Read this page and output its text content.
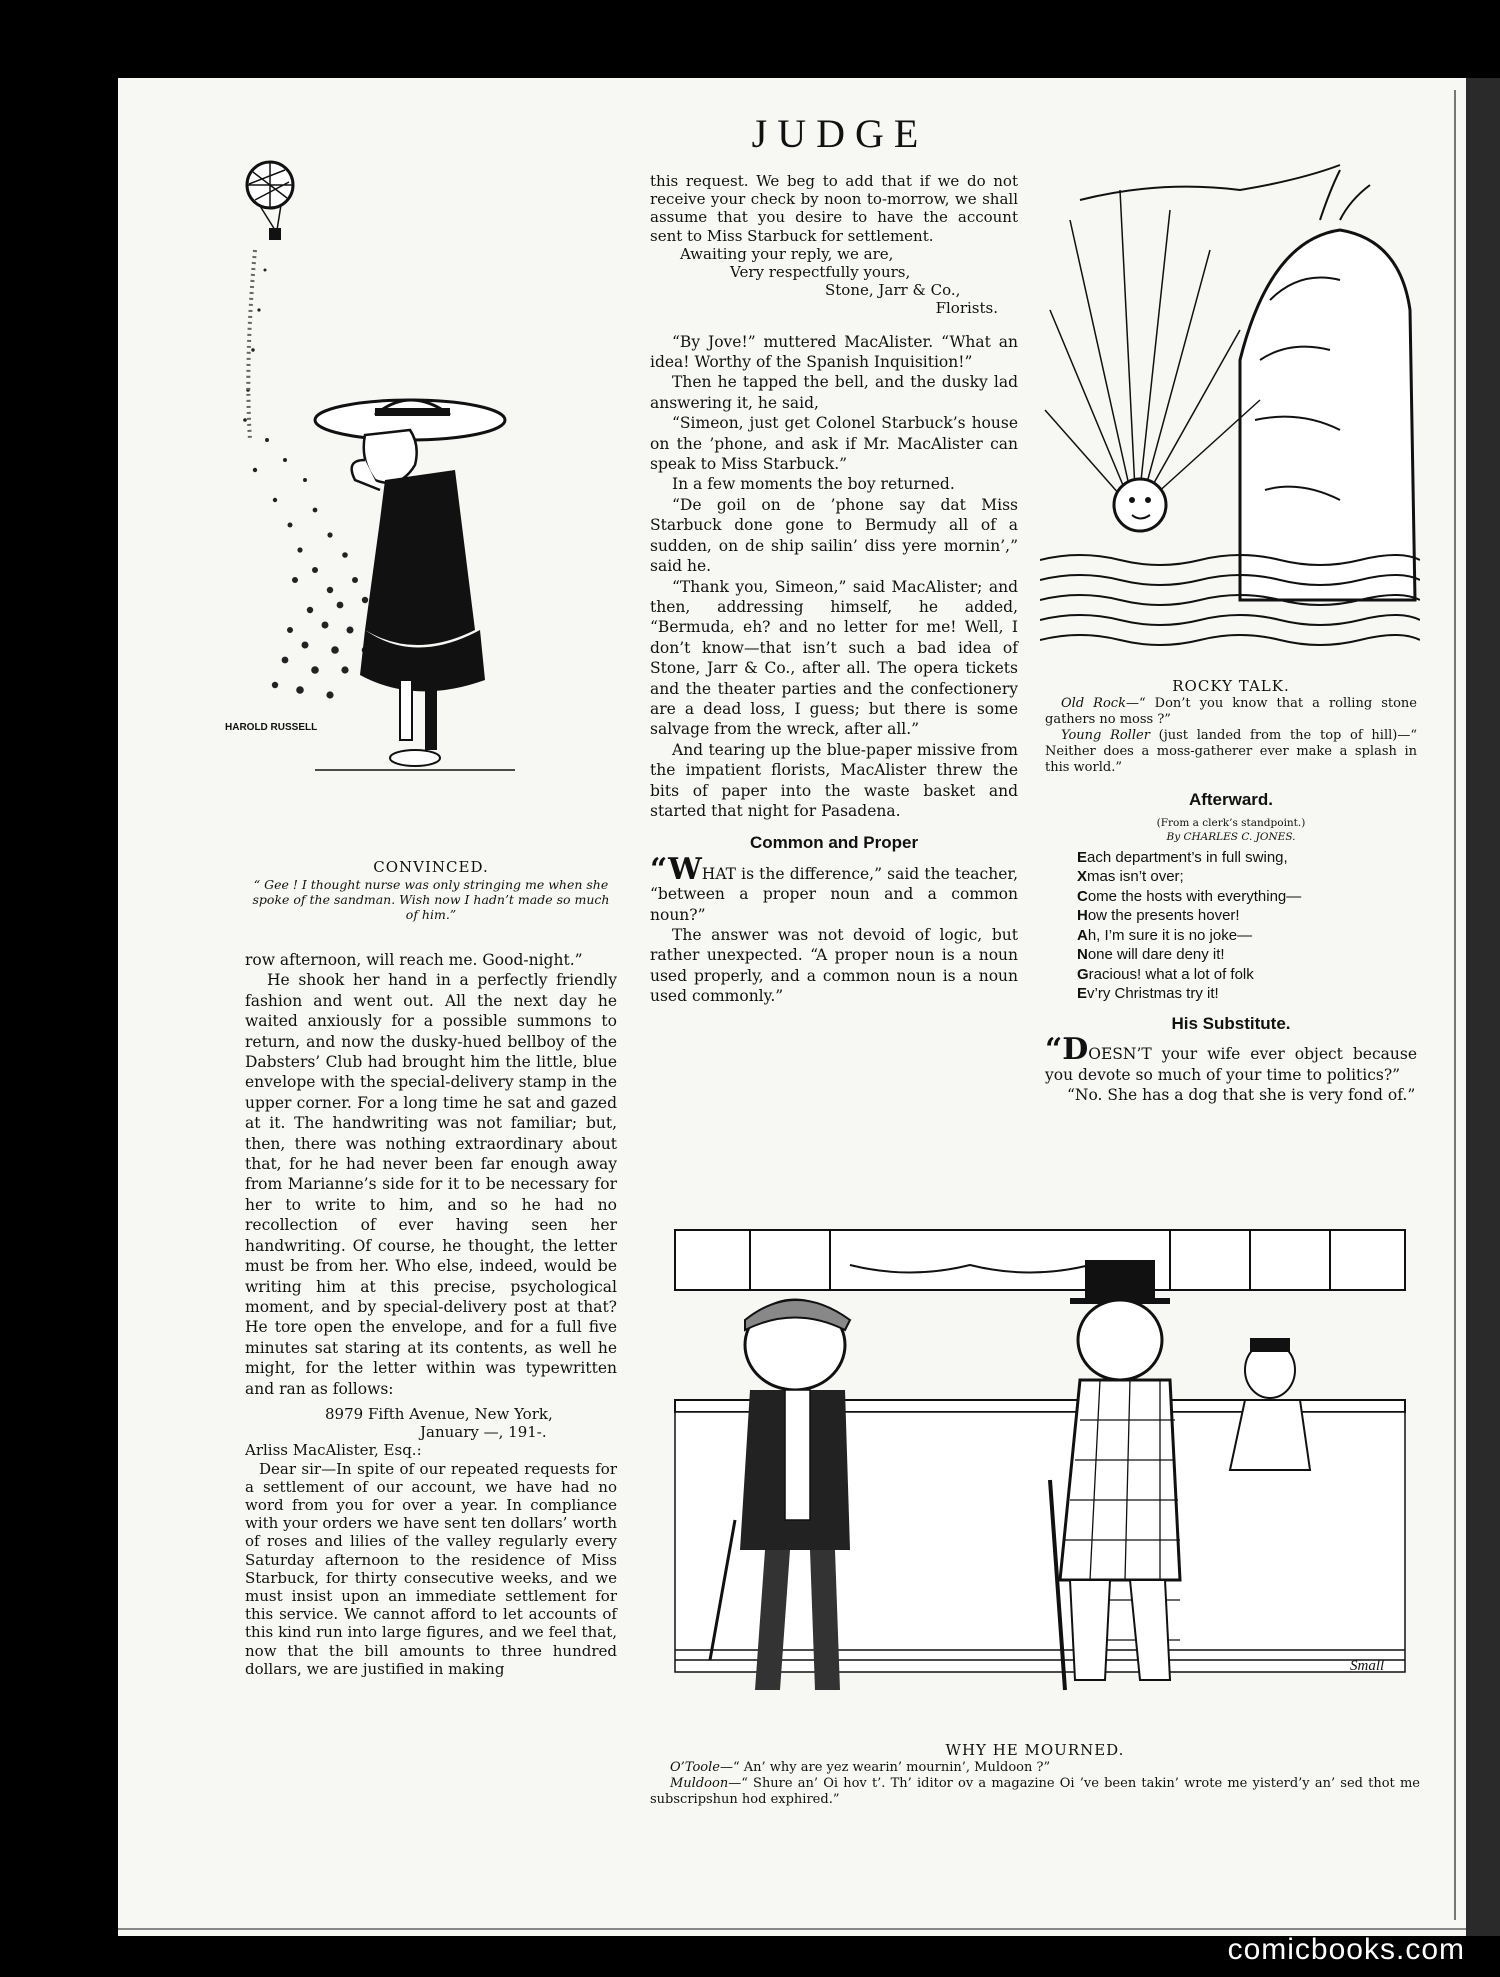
JUDGE
HAROLD RUSSELL
CONVINCED.
“ Gee ! I thought nurse was only stringing me when she spoke of the sandman. Wish now I hadn’t made so much of him.”

row afternoon, will reach me. Good-night.”

He shook her hand in a perfectly friendly fashion and went out. All the next day he waited anxiously for a possible summons to return, and now the dusky-hued bellboy of the Dabsters’ Club had brought him the little, blue envelope with the special-delivery stamp in the upper corner. For a long time he sat and gazed at it. The handwriting was not familiar; but, then, there was nothing extraordinary about that, for he had never been far enough away from Marianne’s side for it to be necessary for her to write to him, and so he had no recollection of ever having seen her handwriting. Of course, he thought, the letter must be from her. Who else, indeed, would be writing him at this precise, psychological moment, and by special-delivery post at that? He tore open the envelope, and for a full five minutes sat staring at its contents, as well he might, for the letter within was typewritten and ran as follows:

8979 Fifth Avenue, New York,
January —, 191-.
Arliss MacAlister, Esq.:

Dear sir—In spite of our repeated requests for a settlement of our account, we have had no word from you for over a year. In compliance with your orders we have sent ten dollars’ worth of roses and lilies of the valley regularly every Saturday afternoon to the residence of Miss Starbuck, for thirty consecutive weeks, and we must insist upon an immediate settlement for this service. We cannot afford to let accounts of this kind run into large figures, and we feel that, now that the bill amounts to three hundred dollars, we are justified in making

this request. We beg to add that if we do not receive your check by noon to-morrow, we shall assume that you desire to have the account sent to Miss Starbuck for settlement.

Awaiting your reply, we are,
Very respectfully yours,
Stone, Jarr & Co.,
Florists.

“By Jove!” muttered MacAlister. “What an idea! Worthy of the Spanish Inquisition!”

Then he tapped the bell, and the dusky lad answering it, he said,

“Simeon, just get Colonel Starbuck’s house on the ’phone, and ask if Mr. MacAlister can speak to Miss Starbuck.”

In a few moments the boy returned.

“De goil on de ’phone say dat Miss Starbuck done gone to Bermudy all of a sudden, on de ship sailin’ diss yere mornin’,” said he.

“Thank you, Simeon,” said MacAlister; and then, addressing himself, he added, “Bermuda, eh? and no letter for me! Well, I don’t know—that isn’t such a bad idea of Stone, Jarr & Co., after all. The opera tickets and the theater parties and the confectionery are a dead loss, I guess; but there is some salvage from the wreck, after all.”

And tearing up the blue-paper missive from the impatient florists, MacAlister threw the bits of paper into the waste basket and started that night for Pasadena.

Common and Proper

“WHAT is the difference,” said the teacher, “between a proper noun and a common noun?”

The answer was not devoid of logic, but rather unexpected. “A proper noun is a noun used properly, and a common noun is a noun used commonly.”

ROCKY TALK.
Old Rock—“ Don’t you know that a rolling stone gathers no moss ?”
Young Roller (just landed from the top of hill)—“ Neither does a moss-gatherer ever make a splash in this world.”
Afterward.
(From a clerk’s standpoint.)
By CHARLES C. JONES.
Each department’s in full swing,
Xmas isn’t over;
Come the hosts with everything—
How the presents hover!
Ah, I’m sure it is no joke—
None will dare deny it!
Gracious! what a lot of folk
Ev’ry Christmas try it!
His Substitute.

“DOESN’T your wife ever object because you devote so much of your time to politics?”

“No. She has a dog that she is very fond of.”

Small
WHY HE MOURNED.
O’Toole—“ An’ why are yez wearin’ mournin’, Muldoon ?”
Muldoon—“ Shure an’ Oi hov t’. Th’ iditor ov a magazine Oi ’ve been takin’ wrote me yisterd’y an’ sed thot me subscripshun hod exphired.”
comicbooks.com
